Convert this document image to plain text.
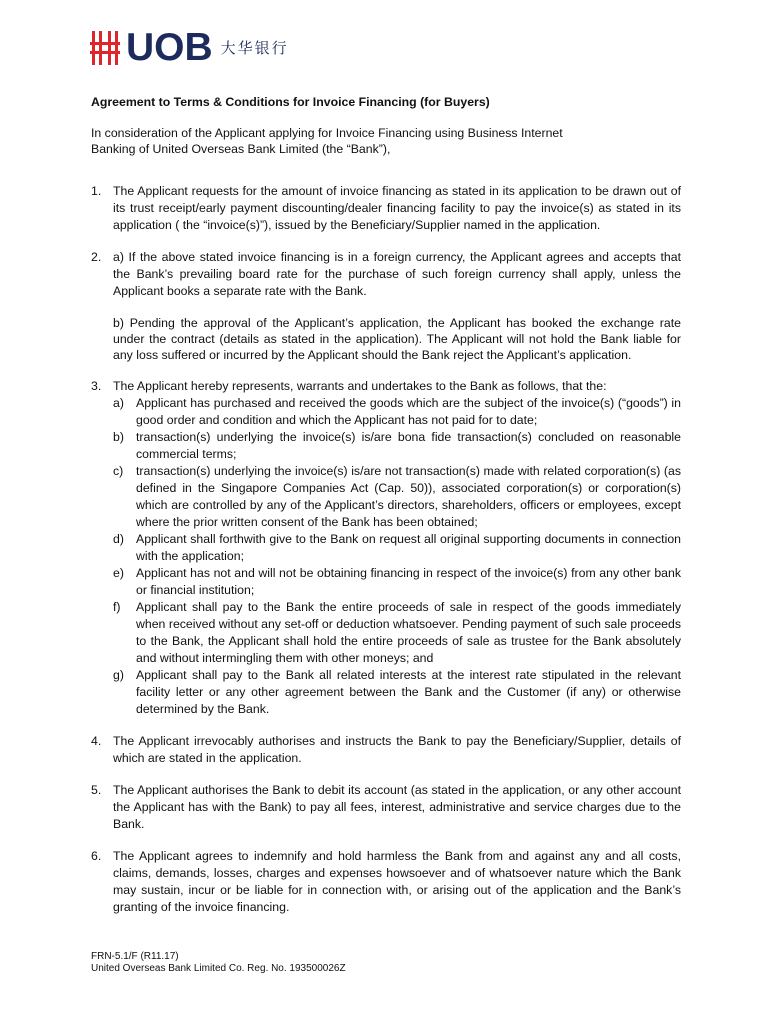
UOB 大华银行
Agreement to Terms & Conditions for Invoice Financing (for Buyers)
In consideration of the Applicant applying for Invoice Financing using Business Internet
Banking of United Overseas Bank Limited (the “Bank”),
1. The Applicant requests for the amount of invoice financing as stated in its application to be drawn out of its trust receipt/early payment discounting/dealer financing facility to pay the invoice(s) as stated in its application ( the “invoice(s)”), issued by the Beneficiary/Supplier named in the application.
2. a) If the above stated invoice financing is in a foreign currency, the Applicant agrees and accepts that the Bank’s prevailing board rate for the purchase of such foreign currency shall apply, unless the Applicant books a separate rate with the Bank.
b) Pending the approval of the Applicant’s application, the Applicant has booked the exchange rate under the contract (details as stated in the application). The Applicant will not hold the Bank liable for any loss suffered or incurred by the Applicant should the Bank reject the Applicant’s application.
3. The Applicant hereby represents, warrants and undertakes to the Bank as follows, that the:
a) Applicant has purchased and received the goods which are the subject of the invoice(s) (“goods”) in good order and condition and which the Applicant has not paid for to date;
b) transaction(s) underlying the invoice(s) is/are bona fide transaction(s) concluded on reasonable commercial terms;
c) transaction(s) underlying the invoice(s) is/are not transaction(s) made with related corporation(s) (as defined in the Singapore Companies Act (Cap. 50)), associated corporation(s) or corporation(s) which are controlled by any of the Applicant’s directors, shareholders, officers or employees, except where the prior written consent of the Bank has been obtained;
d) Applicant shall forthwith give to the Bank on request all original supporting documents in connection with the application;
e) Applicant has not and will not be obtaining financing in respect of the invoice(s) from any other bank or financial institution;
f) Applicant shall pay to the Bank the entire proceeds of sale in respect of the goods immediately when received without any set-off or deduction whatsoever. Pending payment of such sale proceeds to the Bank, the Applicant shall hold the entire proceeds of sale as trustee for the Bank absolutely and without intermingling them with other moneys; and
g) Applicant shall pay to the Bank all related interests at the interest rate stipulated in the relevant facility letter or any other agreement between the Bank and the Customer (if any) or otherwise determined by the Bank.
4. The Applicant irrevocably authorises and instructs the Bank to pay the Beneficiary/Supplier, details of which are stated in the application.
5. The Applicant authorises the Bank to debit its account (as stated in the application, or any other account the Applicant has with the Bank) to pay all fees, interest, administrative and service charges due to the Bank.
6. The Applicant agrees to indemnify and hold harmless the Bank from and against any and all costs, claims, demands, losses, charges and expenses howsoever and of whatsoever nature which the Bank may sustain, incur or be liable for in connection with, or arising out of the application and the Bank’s granting of the invoice financing.
FRN-5.1/F (R11.17)
United Overseas Bank Limited Co. Reg. No. 193500026Z
